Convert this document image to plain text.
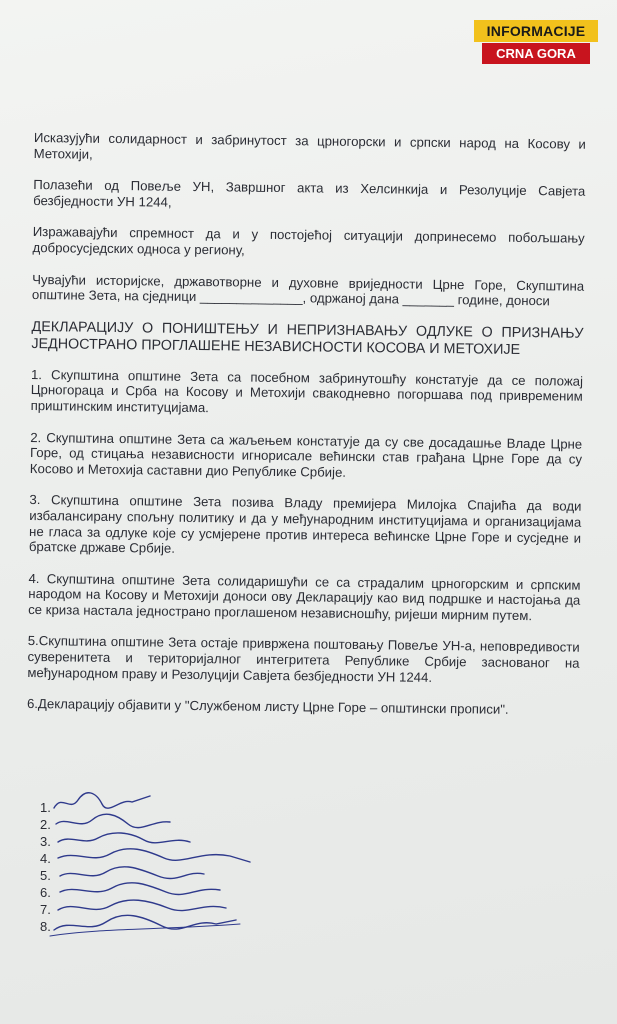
INFORMACIJE
CRNA GORA

Исказујући солидарност и забринутост за црногорски и српски народ на Косову и Метохији,

Полазећи од Повеље УН, Завршног акта из Хелсинкија и Резолуције Савјета безбједности УН 1244,

Изражавајући спремност да и у постојећој ситуацији допринесемо побољшању добросусједских односа у региону,

Чувајући историјске, државотворне и духовне вриједности Црне Горе, Скупштина општине Зета, на сједници ______________, одржаној дана _______ године, доноси

ДЕКЛАРАЦИЈУ О ПОНИШТЕЊУ И НЕПРИЗНАВАЊУ ОДЛУКЕ О ПРИЗНАЊУ ЈЕДНОСТРАНО ПРОГЛАШЕНЕ НЕЗАВИСНОСТИ КОСОВА И МЕТОХИЈЕ

1. Скупштина општине Зета са посебном забринутошћу констатује да се положај Црногораца и Срба на Косову и Метохији свакодневно погоршава под привременим приштинским институцијама.

2. Скупштина општине Зета са жаљењем констатује да су све досадашње Владе Црне Горе, од стицања независности игнорисале већински став грађана Црне Горе да су Косово и Метохија саставни дио Републике Србије.

3. Скупштина општине Зета позива Владу премијера Милојка Спајића да води избалансирану спољну политику и да у међународним институцијама и организацијама не гласа за одлуке које су усмјерене против интереса већинске Црне Горе и сусједне и братске државе Србије.

4. Скупштина општине Зета солидаришући се са страдалим црногорским и српским народом на Косову и Метохији доноси ову Декларацију као вид подршке и настојања да се криза настала једнострано проглашеном независношћу, ријеши мирним путем.

5.Скупштина општине Зета остаје привржена поштовању Повеље УН-а, неповредивости суверенитета и територијалног интегритета Републике Србије заснованог на међународном праву и Резолуцији Савјета безбједности УН 1244.

6.Декларацију објавити у "Службеном листу Црне Горе – општински прописи".

1.
2.
3.
4.
5.
6.
7.
8.
